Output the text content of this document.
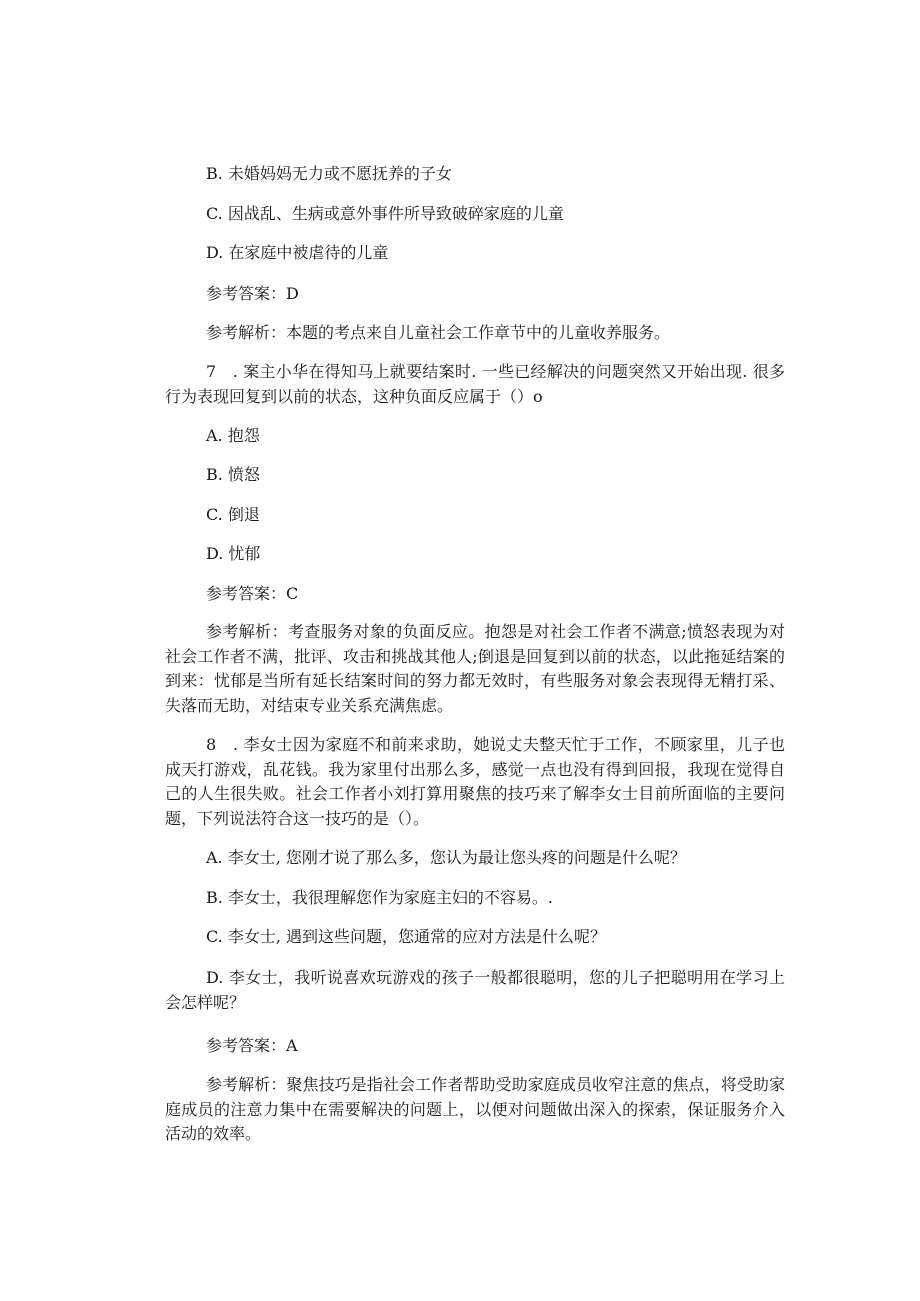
B. 未婚妈妈无力或不愿抚养的子女
C. 因战乱、生病或意外事件所导致破碎家庭的儿童
D. 在家庭中被虐待的儿童
参考答案：D
参考解析：本题的考点来自儿童社会工作章节中的儿童收养服务。
7　. 案主小华在得知马上就要结案时. 一些已经解决的问题突然又开始出现. 很多行为表现回复到以前的状态，这种负面反应属于（）o
A. 抱怨
B. 愤怒
C. 倒退
D. 忧郁
参考答案：C
参考解析：考查服务对象的负面反应。抱怨是对社会工作者不满意;愤怒表现为对社会工作者不满，批评、攻击和挑战其他人;倒退是回复到以前的状态，以此拖延结案的到来：忧郁是当所有延长结案时间的努力都无效时，有些服务对象会表现得无精打采、失落而无助，对结束专业关系充满焦虑。
8　. 李女士因为家庭不和前来求助，她说丈夫整天忙于工作，不顾家里，儿子也成天打游戏，乱花钱。我为家里付出那么多，感觉一点也没有得到回报，我现在觉得自己的人生很失败。社会工作者小刘打算用聚焦的技巧来了解李女士目前所面临的主要问题，下列说法符合这一技巧的是（）。
A. 李女士, 您刚才说了那么多，您认为最让您头疼的问题是什么呢？
B. 李女士，我很理解您作为家庭主妇的不容易。.
C. 李女士, 遇到这些问题，您通常的应对方法是什么呢？
D. 李女士，我听说喜欢玩游戏的孩子一般都很聪明，您的儿子把聪明用在学习上会怎样呢？
参考答案：A
参考解析：聚焦技巧是指社会工作者帮助受助家庭成员收窄注意的焦点，将受助家庭成员的注意力集中在需要解决的问题上，以便对问题做出深入的探索，保证服务介入活动的效率。
